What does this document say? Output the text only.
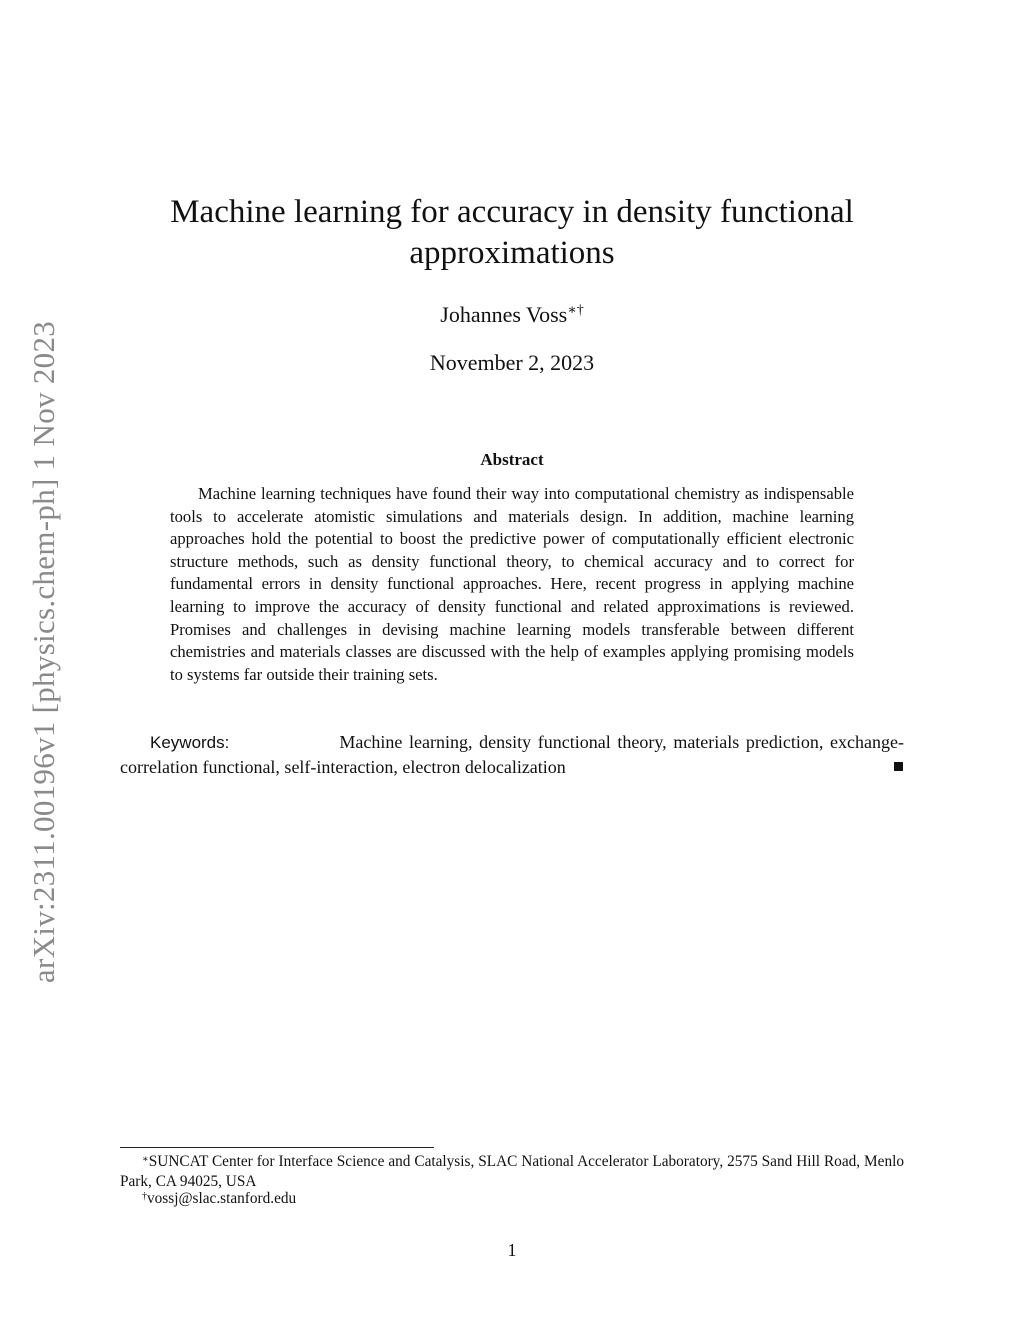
arXiv:2311.00196v1 [physics.chem-ph] 1 Nov 2023
Machine learning for accuracy in density functional approximations
Johannes Voss∗†
November 2, 2023
Abstract

Machine learning techniques have found their way into computational chemistry as indispensable tools to accelerate atomistic simulations and materials design. In addition, machine learning approaches hold the potential to boost the predictive power of computationally efficient electronic structure methods, such as density functional theory, to chemical accuracy and to correct for fundamental errors in density functional approaches. Here, recent progress in applying machine learning to improve the accuracy of density functional and related approximations is reviewed. Promises and challenges in devising machine learning models transferable between different chemistries and materials classes are discussed with the help of examples applying promising models to systems far outside their training sets.

Keywords:	Machine learning, density functional theory, materials prediction, exchange-correlation functional, self-interaction, electron delocalization

∗SUNCAT Center for Interface Science and Catalysis, SLAC National Accelerator Laboratory, 2575 Sand Hill Road, Menlo Park, CA 94025, USA

†vossj@slac.stanford.edu

1
